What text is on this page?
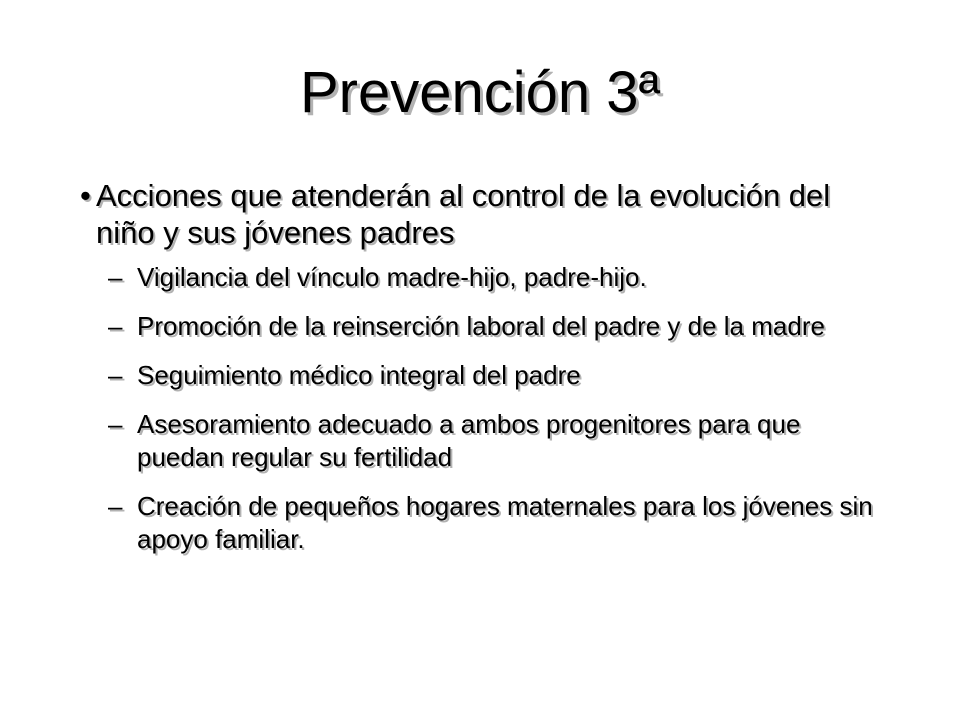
Prevención 3ª
• Acciones que atenderán al control de la evolución del niño y sus jóvenes padres
– Vigilancia del vínculo madre-hijo, padre-hijo.
– Promoción de la reinserción laboral del padre y de la madre
– Seguimiento médico integral del padre
– Asesoramiento adecuado a ambos progenitores para que puedan regular su fertilidad
– Creación de pequeños hogares maternales para los jóvenes sin apoyo familiar.
